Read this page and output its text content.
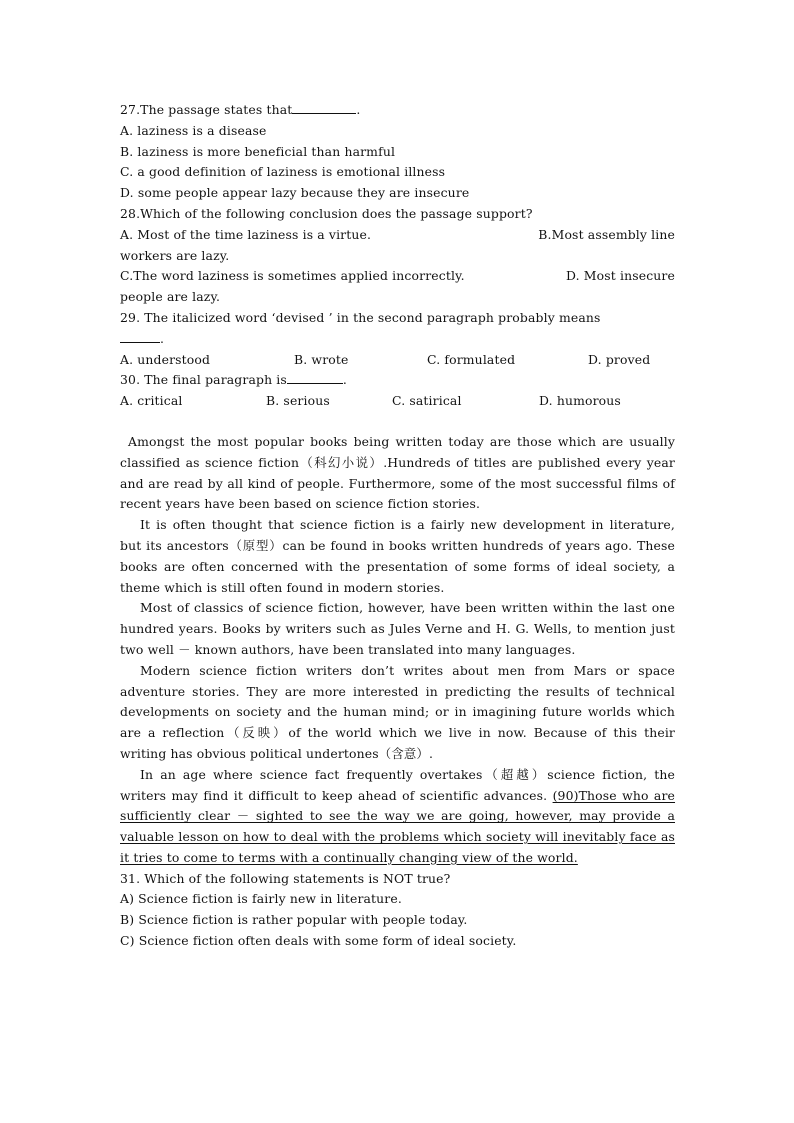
27.The passage states that	.
A. laziness is a disease
B. laziness is more beneficial than harmful
C. a good definition of laziness is emotional illness
D. some people appear lazy because they are insecure
28.Which of the following conclusion does the passage support?
A. Most of the time laziness is a virtue.	B.Most assembly line
workers are lazy.
C.The word laziness is sometimes applied incorrectly.	D. Most insecure
people are lazy.
29. The italicized word ‘devised ’ in the second paragraph probably means
.
A. understood	B. wrote	C. formulated	D. proved
30. The final paragraph is	.
A. critical	B. serious	C. satirical	D. humorous
Amongst the most popular books being written today are those which are usually classified as science fiction（科幻小说）.Hundreds of titles are published every year and are read by all kind of people. Furthermore, some of the most successful films of recent years have been based on science fiction stories.
It is often thought that science fiction is a fairly new development in literature, but its ancestors（原型）can be found in books written hundreds of years ago. These books are often concerned with the presentation of some forms of ideal society, a theme which is still often found in modern stories.
Most of classics of science fiction, however, have been written within the last one hundred years. Books by writers such as Jules Verne and H. G. Wells, to mention just two well － known authors, have been translated into many languages.
Modern science fiction writers don’t writes about men from Mars or space adventure stories. They are more interested in predicting the results of technical developments on society and the human mind; or in imagining future worlds which are a reflection（反映）of the world which we live in now. Because of this their writing has obvious political undertones（含意）.
In an age where science fact frequently overtakes（超越）science fiction, the writers may find it difficult to keep ahead of scientific advances. (90)Those who are sufficiently clear － sighted to see the way we are going, however, may provide a valuable lesson on how to deal with the problems which society will inevitably face as it tries to come to terms with a continually changing view of the world.
31. Which of the following statements is NOT true?
A) Science fiction is fairly new in literature.
B) Science fiction is rather popular with people today.
C) Science fiction often deals with some form of ideal society.
